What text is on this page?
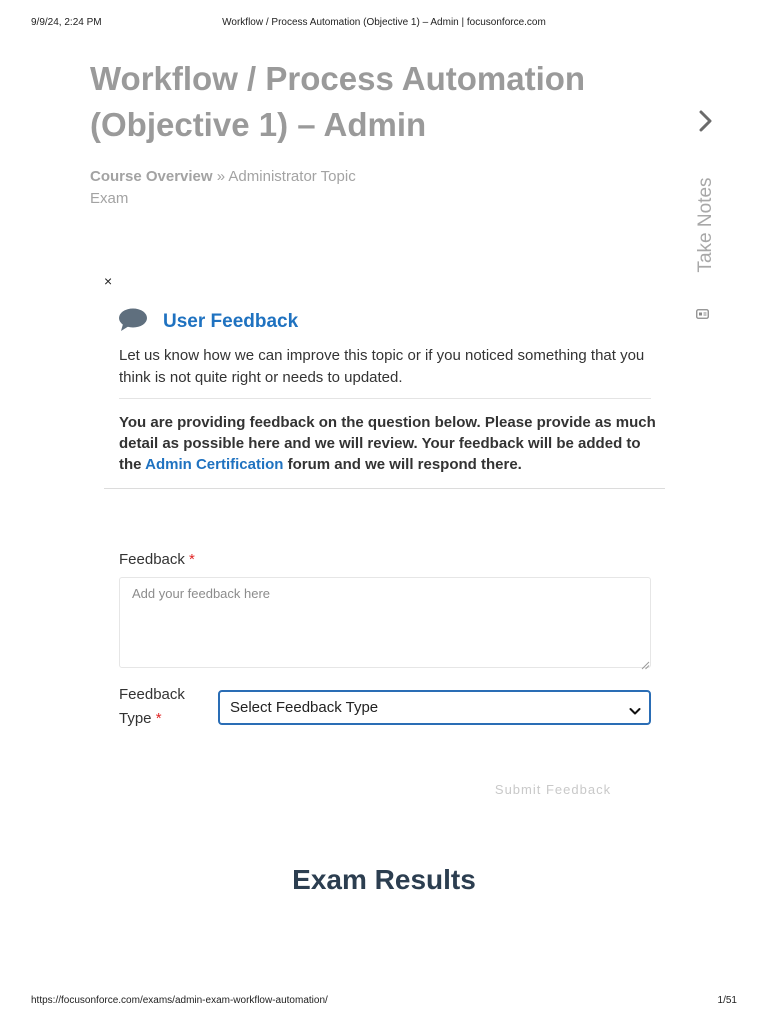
9/9/24, 2:24 PM	Workflow / Process Automation (Objective 1) – Admin | focusonforce.com
Workflow / Process Automation (Objective 1) – Admin
Course Overview » Administrator Topic Exam	Take Notes
×
User Feedback

Let us know how we can improve this topic or if you noticed something that you think is not quite right or needs to updated.

You are providing feedback on the question below. Please provide as much detail as possible here and we will review. Your feedback will be added to the Admin Certification forum and we will respond there.

Feedback *
Add your feedback here
Feedback Type *
Select Feedback Type
Submit Feedback
Exam Results
https://focusonforce.com/exams/admin-exam-workflow-automation/	1/51
